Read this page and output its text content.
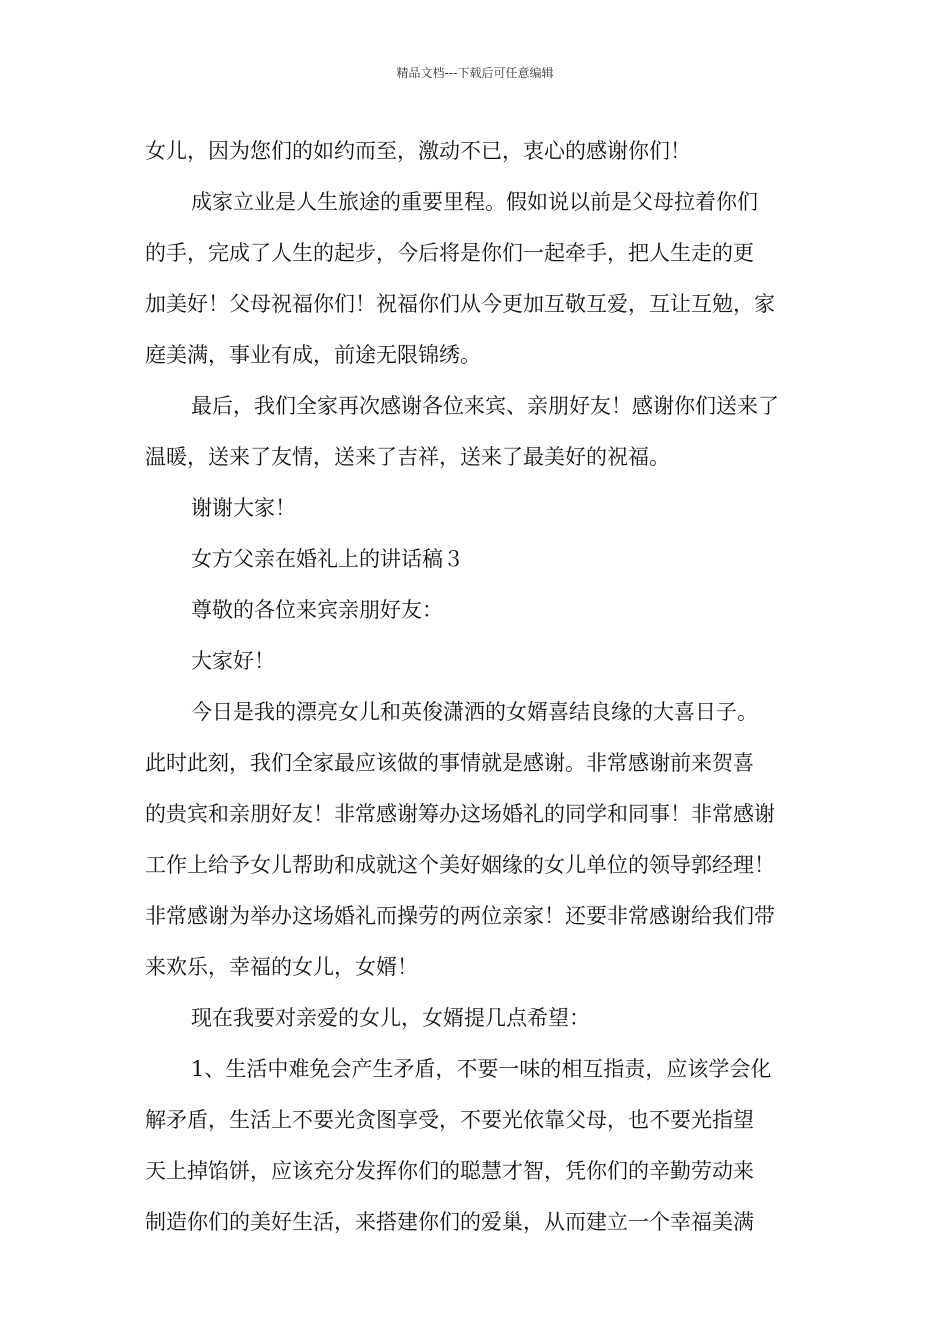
精品文档---下载后可任意编辑
女儿，因为您们的如约而至，激动不已，衷心的感谢你们！
成家立业是人生旅途的重要里程。假如说以前是父母拉着你们
的手，完成了人生的起步，今后将是你们一起牵手，把人生走的更
加美好！父母祝福你们！祝福你们从今更加互敬互爱，互让互勉，家
庭美满，事业有成，前途无限锦绣。
最后，我们全家再次感谢各位来宾、亲朋好友！感谢你们送来了
温暖，送来了友情，送来了吉祥，送来了最美好的祝福。
谢谢大家！
女方父亲在婚礼上的讲话稿３
尊敬的各位来宾亲朋好友：
大家好！
今日是我的漂亮女儿和英俊潇洒的女婿喜结良缘的大喜日子。
此时此刻，我们全家最应该做的事情就是感谢。非常感谢前来贺喜
的贵宾和亲朋好友！非常感谢筹办这场婚礼的同学和同事！非常感谢
工作上给予女儿帮助和成就这个美好姻缘的女儿单位的领导郭经理！
非常感谢为举办这场婚礼而操劳的两位亲家！还要非常感谢给我们带
来欢乐，幸福的女儿，女婿！
现在我要对亲爱的女儿，女婿提几点希望：
1、生活中难免会产生矛盾，不要一味的相互指责，应该学会化
解矛盾，生活上不要光贪图享受，不要光依靠父母，也不要光指望
天上掉馅饼，应该充分发挥你们的聪慧才智，凭你们的辛勤劳动来
制造你们的美好生活，来搭建你们的爱巢，从而建立一个幸福美满
